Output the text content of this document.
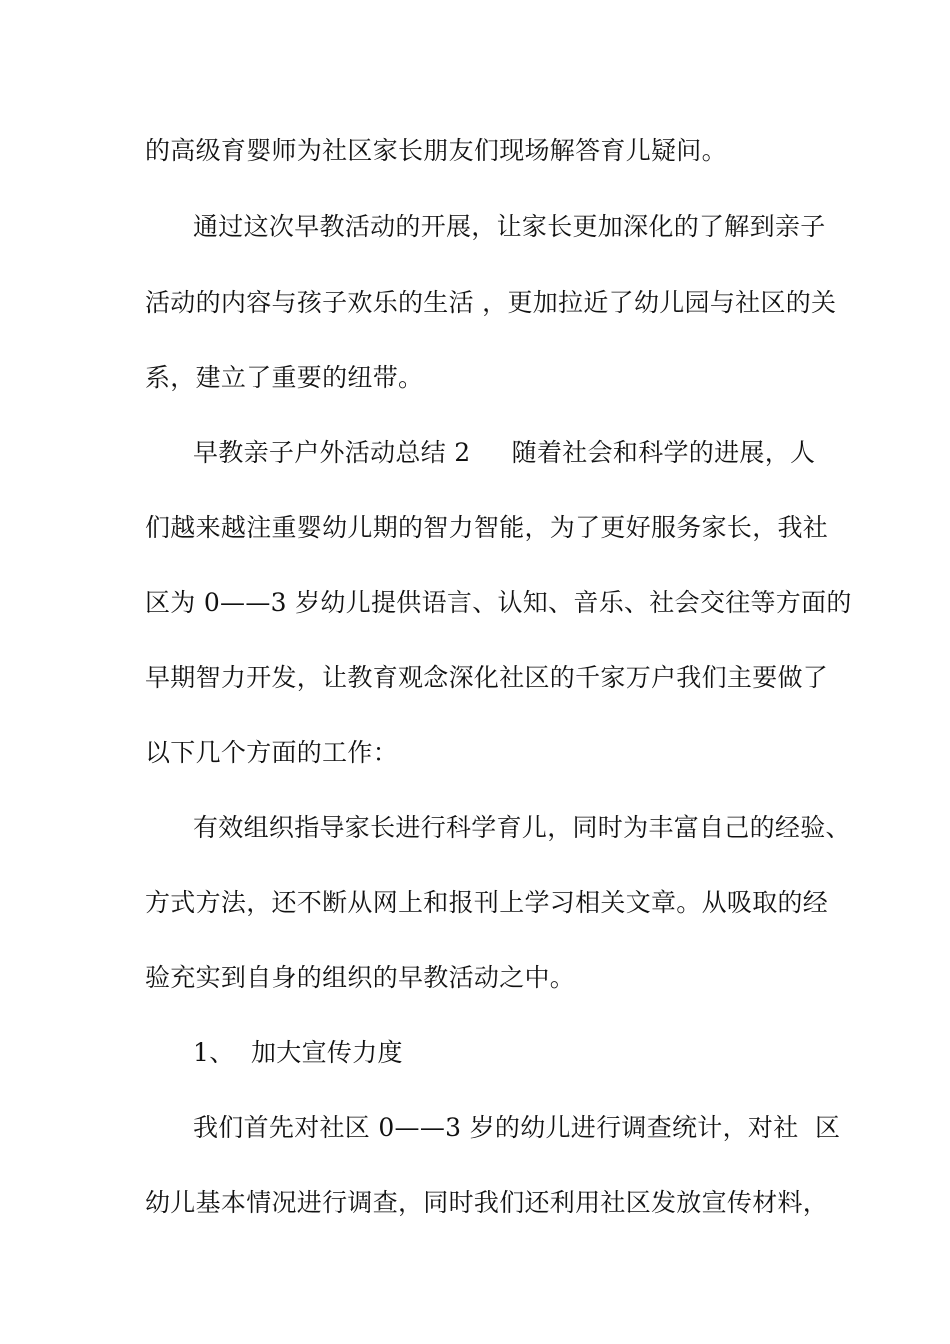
的高级育婴师为社区家长朋友们现场解答育儿疑问。
通过这次早教活动的开展，让家长更加深化的了解到亲子
活动的内容与孩子欢乐的生活 ，更加拉近了幼儿园与社区的关
系，建立了重要的纽带。
早教亲子户外活动总结 2     随着社会和科学的进展，人
们越来越注重婴幼儿期的智力智能，为了更好服务家长，我社
区为 0——3 岁幼儿提供语言、认知、音乐、社会交往等方面的
早期智力开发，让教育观念深化社区的千家万户我们主要做了
以下几个方面的工作：
有效组织指导家长进行科学育儿，同时为丰富自己的经验、
方式方法，还不断从网上和报刊上学习相关文章。从吸取的经
验充实到自身的组织的早教活动之中。
1、  加大宣传力度
我们首先对社区 0——3 岁的幼儿进行调查统计，对社  区
幼儿基本情况进行调查，同时我们还利用社区发放宣传材料，
